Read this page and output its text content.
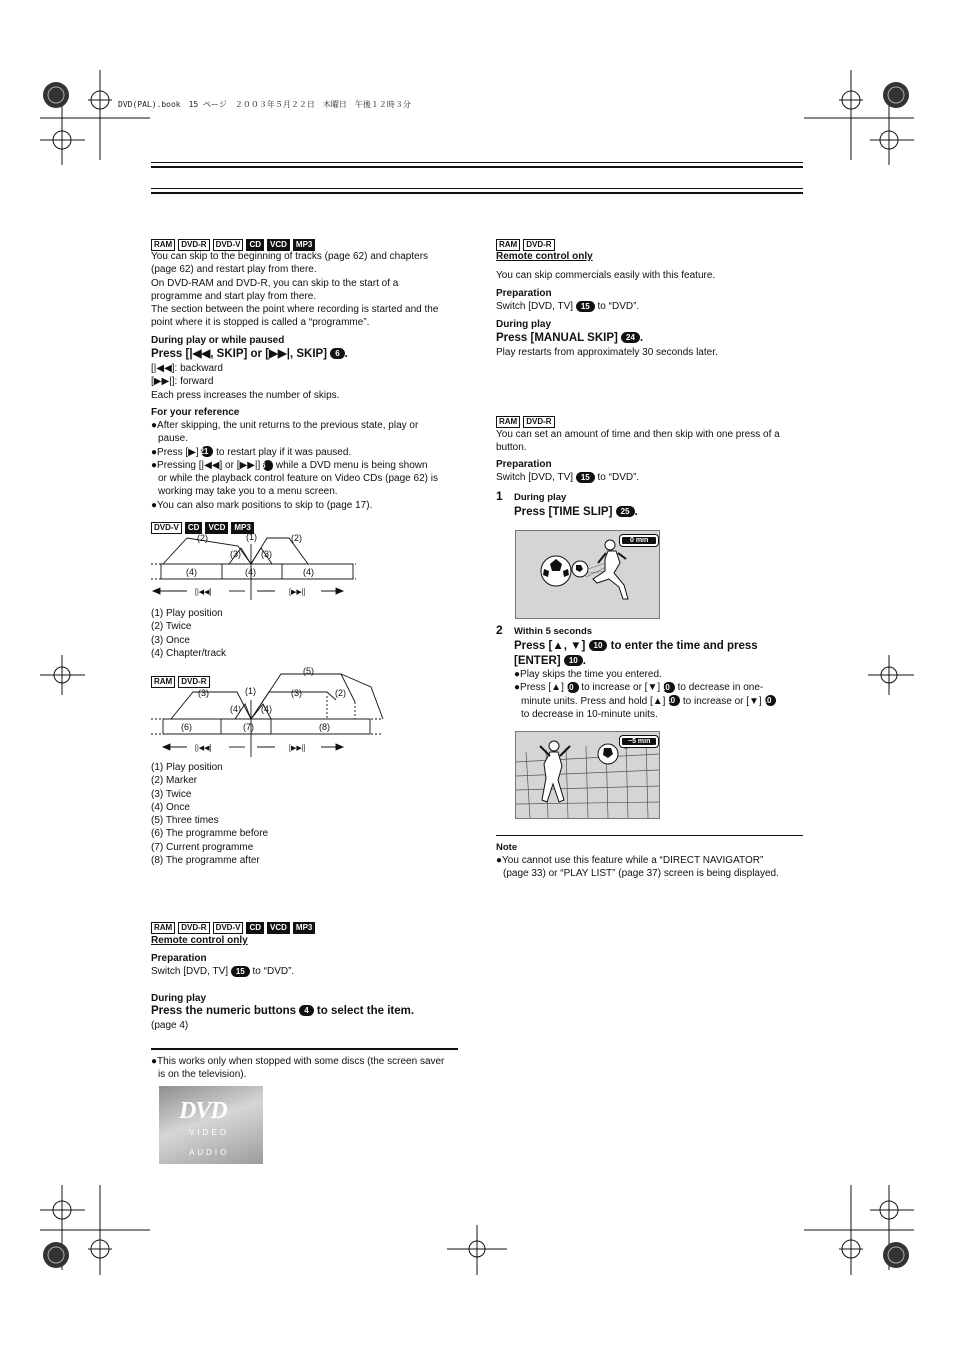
DVD(PAL).book　15 ページ　２００３年５月２２日　木曜日　午後１２時３分
RAM DVD-R DVD-V CD VCD MP3
You can skip to the beginning of tracks (page 62) and chapters
(page 62) and restart play from there.
On DVD-RAM and DVD-R, you can skip to the start of a
programme and start play from there.
The section between the point where recording is started and the
point where it is stopped is called a “programme”.
During play or while paused
Press [|◀◀, SKIP] or [▶▶|, SKIP] 6 .
[|◀◀]: backward
[▶▶|]: forward
Each press increases the number of skips.
For your reference
●After skipping, the unit returns to the previous state, play or
pause.
●Press [▶] 21 to restart play if it was paused.
●Pressing [|◀◀] or [▶▶|] 6 while a DVD menu is being shown
or while the playback control feature on Video CDs (page 62) is
working may take you to a menu screen.
●You can also mark positions to skip to (page 17).
DVD-V CD VCD MP3
(2)	(1)	(2)
(3) (3)
(4)	(4)	(4)
[|◀◀]	[▶▶|]
(1) Play position
(2) Twice
(3) Once
(4) Chapter/track
RAM DVD-R
(3)	(1)	(3)	(2)
(5)
(4) (4)
(6)	(7)	(8)
[|◀◀]	[▶▶|]
(1) Play position
(2) Marker
(3) Twice
(4) Once
(5) Three times
(6) The programme before
(7) Current programme
(8) The programme after
RAM DVD-R DVD-V CD VCD MP3
Remote control only
Preparation
Switch [DVD, TV] 15 to “DVD”.
During play
Press the numeric buttons 4 to select the item.
(page 4)
●This works only when stopped with some discs (the screen saver
is on the television).
DVD
VIDEO
AUDIO
RAM DVD-R
Remote control only
You can skip commercials easily with this feature.
Preparation
Switch [DVD, TV] 15 to “DVD”.
During play
Press [MANUAL SKIP] 24 .
Play restarts from approximately 30 seconds later.
RAM DVD-R
You can set an amount of time and then skip with one press of a
button.
Preparation
Switch [DVD, TV] 15 to “DVD”.
1 During play
Press [TIME SLIP] 25 .
0 min
2 Within 5 seconds
Press [▲, ▼] 10 to enter the time and press
[ENTER] 10 .
●Play skips the time you entered.
●Press [▲] 10 to increase or [▼] 10 to decrease in one-
minute units. Press and hold [▲] 10 to increase or [▼] 10
to decrease in 10-minute units.
−5 min
Note
●You cannot use this feature while a “DIRECT NAVIGATOR”
(page 33) or “PLAY LIST” (page 37) screen is being displayed.
